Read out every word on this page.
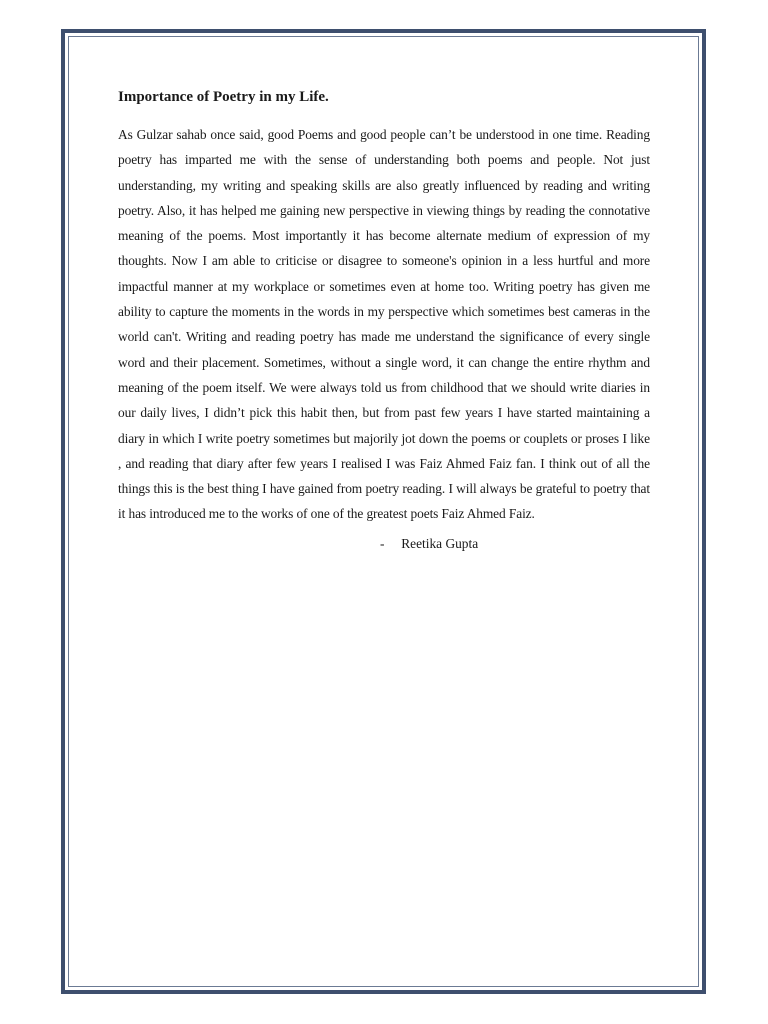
Importance of Poetry in my Life.

As Gulzar sahab once said, good Poems and good people can’t be understood in one time. Reading poetry has imparted me with the sense of understanding both poems and people. Not just understanding, my writing and speaking skills are also greatly influenced by reading and writing poetry. Also, it has helped me gaining new perspective in viewing things by reading the connotative meaning of the poems. Most importantly it has become alternate medium of expression of my thoughts. Now I am able to criticise or disagree to someone's opinion in a less hurtful and more impactful manner at my workplace or sometimes even at home too. Writing poetry has given me ability to capture the moments in the words in my perspective which sometimes best cameras in the world can't. Writing and reading poetry has made me understand the significance of every single word and their placement. Sometimes, without a single word, it can change the entire rhythm and meaning of the poem itself. We were always told us from childhood that we should write diaries in our daily lives, I didn’t pick this habit then, but from past few years I have started maintaining a diary in which I write poetry sometimes but majorily jot down the poems or couplets or proses I like , and reading that diary after few years I realised I was Faiz Ahmed Faiz fan. I think out of all the things this is the best thing I have gained from poetry reading. I will always be grateful to poetry that it has introduced me to the works of one of the greatest poets Faiz Ahmed Faiz.

-     Reetika Gupta
